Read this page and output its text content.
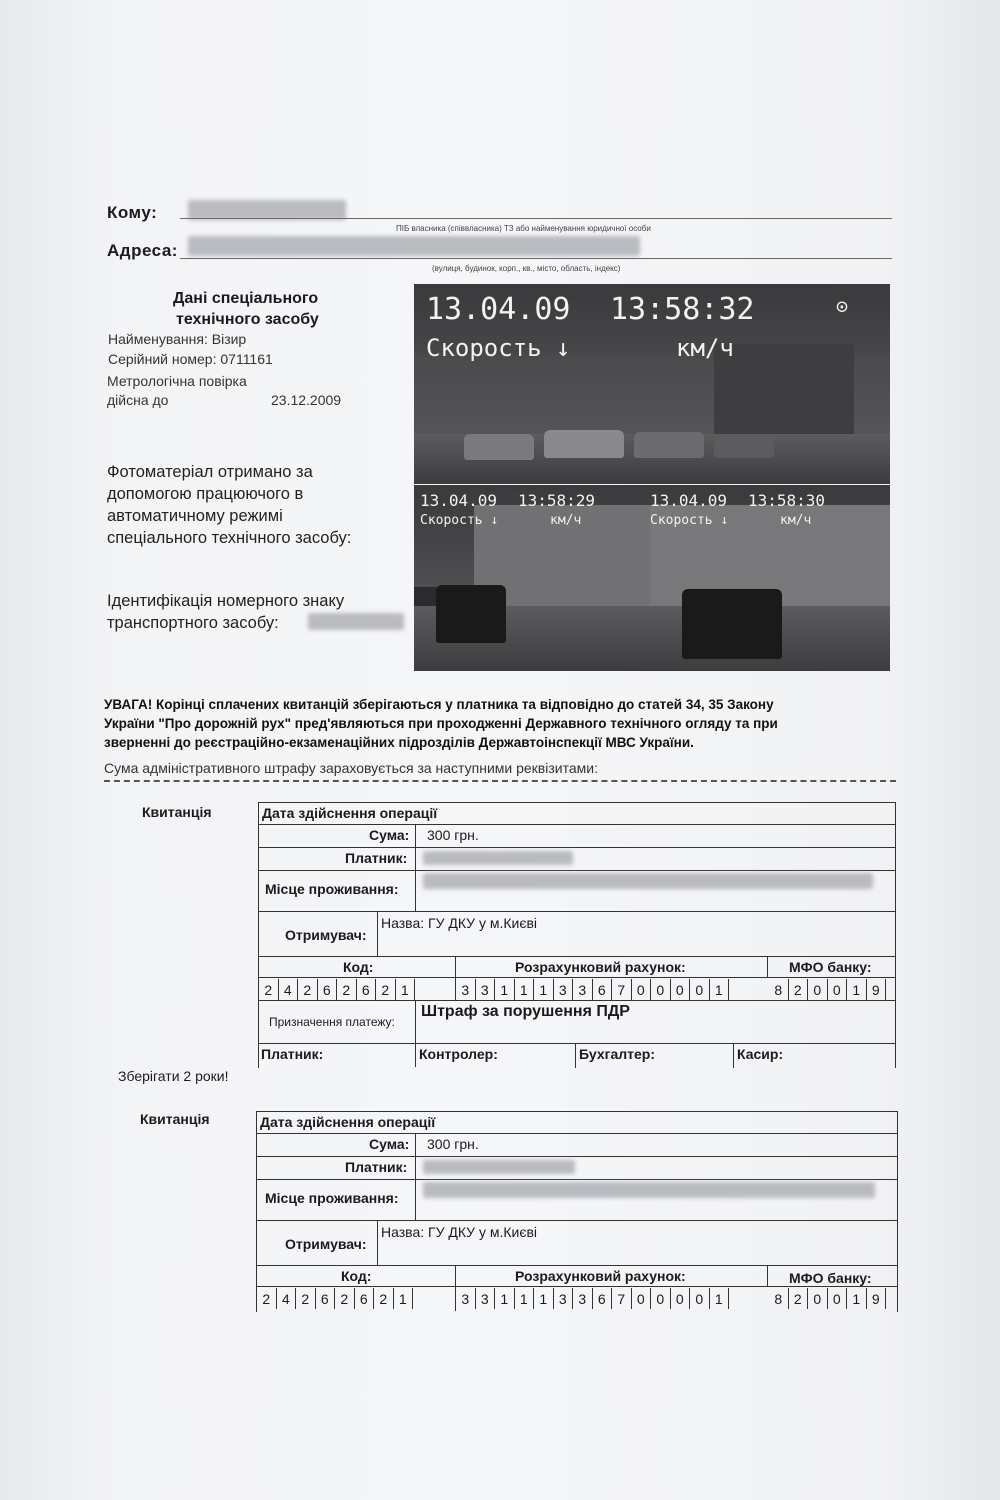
Кому:
ПІБ власника (співвласника) ТЗ або найменування юридичної особи
Адреса:
(вулиця, будинок, корп., кв., місто, область, індекс)
Дані спеціального
технічного засобу
Найменування: Візир
Серійний номер: 0711161
Метрологічна повірка
дійсна до	23.12.2009
Фотоматеріал отримано за
допомогою працюючого в
автоматичному режимі
спеціального технічного засобу:
Ідентифікація номерного знаку
транспортного засобу:
13.04.09 13:58:32
Скорость ↓	км/ч
⊙
13.04.09 13:58:29
Скорость ↓	км/ч
13.04.09 13:58:30
Скорость ↓	км/ч
УВАГА! Корінці сплачених квитанцій зберігаються у платника та відповідно до статей 34, 35 Закону
України "Про дорожній рух" пред'являються при проходженні Державного технічного огляду та при
зверненні до реєстраційно-екзаменаційних підрозділів Державтоінспекції МВС України.
Сума адміністративного штрафу зараховується за наступними реквізитами:
Квитанція	Дата здійснення операції
Сума: 300 грн.
Платник:
Місце проживання:
Отримувач:
Назва: ГУ ДКУ у м.Києві
Код:	Розрахунковий рахунок:	МФО банку:
2 4 2 6 2 6 2 1	3 3 1 1 1 3 3 6 7 0 0 0 0 1	8 2 0 0 1 9
Призначення платежу:
Штраф за порушення ПДР
Платник:	Контролер:	Бухгалтер:	Касир:
Зберігати 2 роки!
Квитанція	Дата здійснення операції
Сума: 300 грн.
Платник:
Місце проживання:
Отримувач:
Назва: ГУ ДКУ у м.Києві
Код:	Розрахунковий рахунок:	МФО банку:
2 4 2 6 2 6 2 1	3 3 1 1 1 3 3 6 7 0 0 0 0 1	8 2 0 0 1 9
